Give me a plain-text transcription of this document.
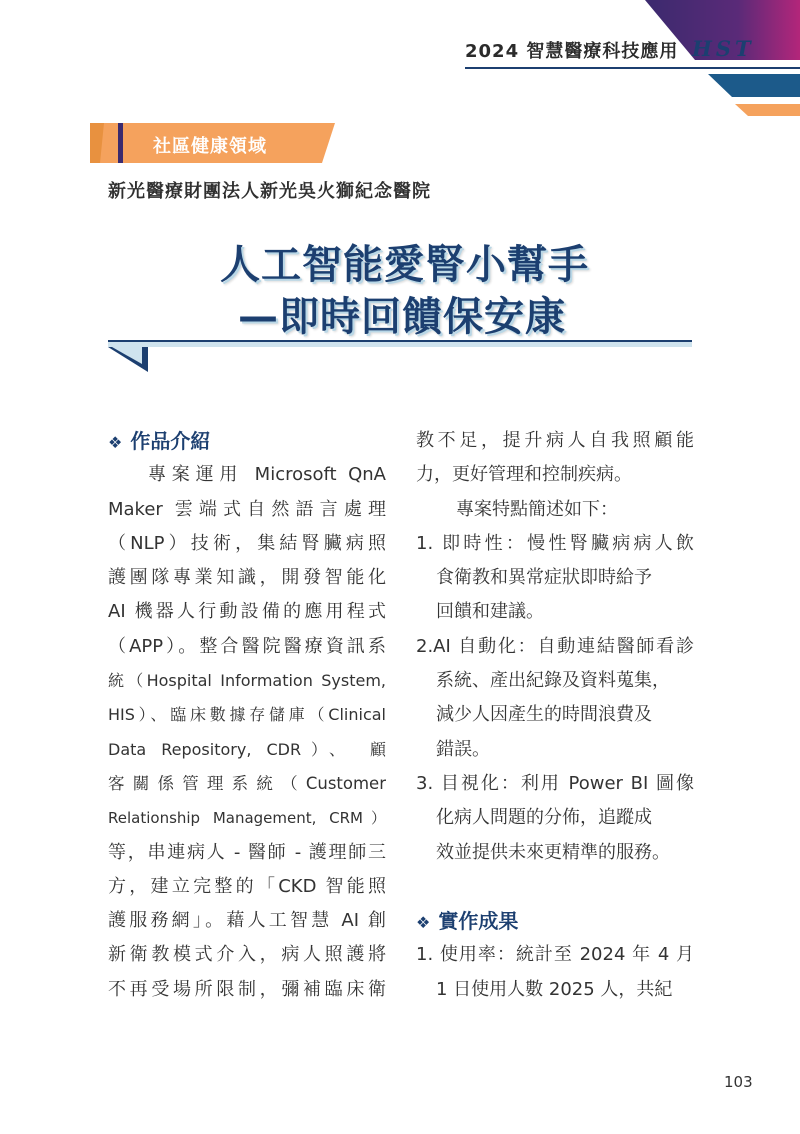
2024 智慧醫療科技應用 HST
社區健康領域
新光醫療財團法人新光吳火獅紀念醫院
人工智能愛腎小幫手
—即時回饋保安康
❖ 作品介紹
專案運用 Microsoft QnA
Maker 雲端式自然語言處理
（NLP）技術，集結腎臟病照
護團隊專業知識，開發智能化
AI 機器人行動設備的應用程式
（APP）。整合醫院醫療資訊系
統（Hospital Information System,
HIS）、臨床數據存儲庫（Clinical
Data Repository, CDR）、 顧
客關係管理系統（Customer
Relationship Management, CRM）
等，串連病人 - 醫師 - 護理師三
方，建立完整的「CKD 智能照
護服務網」。藉人工智慧 AI 創
新衛教模式介入，病人照護將
不再受場所限制，彌補臨床衛
教不足，提升病人自我照顧能
力，更好管理和控制疾病。
專案特點簡述如下：
1. 即時性：慢性腎臟病病人飲
食衛教和異常症狀即時給予
回饋和建議。
2.AI 自動化：自動連結醫師看診
系統、產出紀錄及資料蒐集，
減少人因產生的時間浪費及
錯誤。
3. 目視化：利用 Power BI 圖像
化病人問題的分佈，追蹤成
效並提供未來更精準的服務。
❖ 實作成果
1. 使用率：統計至 2024 年 4 月
1 日使用人數 2025 人，共紀
103
